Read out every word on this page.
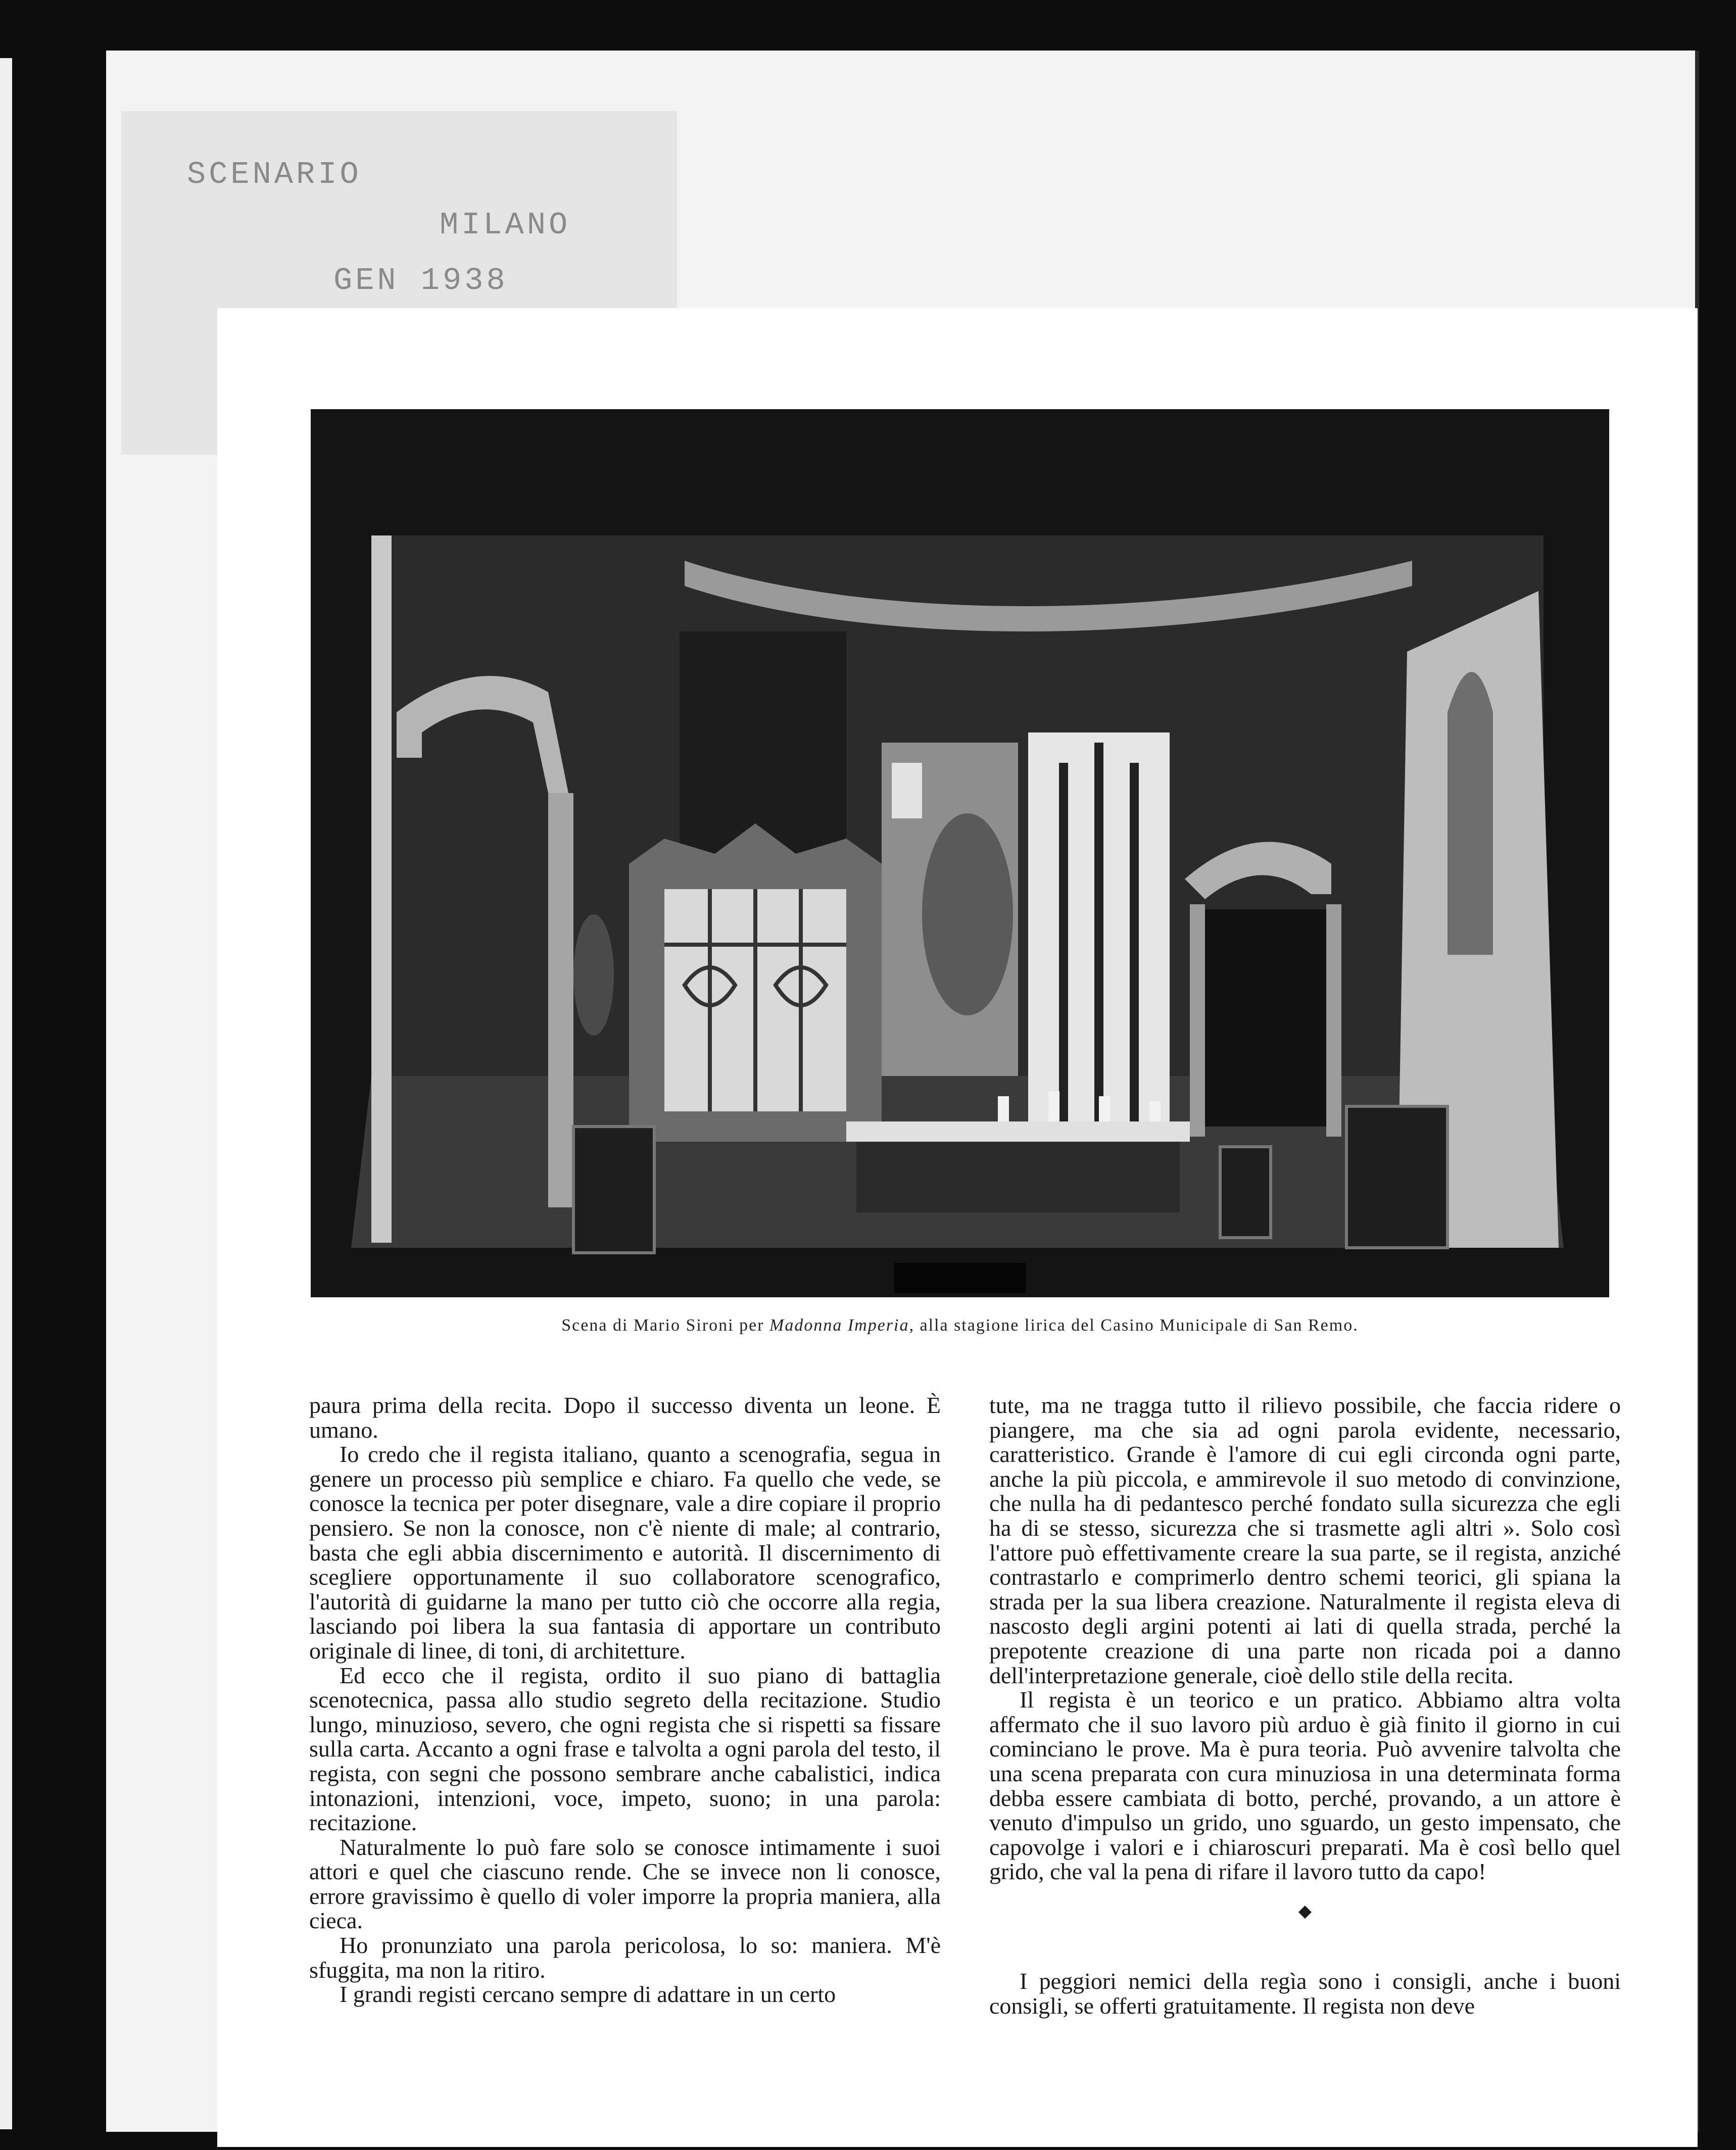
SCENARIO
MILANO
GEN 1938
Scena di Mario Sironi per Madonna Imperia, alla stagione lirica del Casino Municipale di San Remo.

paura prima della recita. Dopo il successo diventa un leone. È umano.

Io credo che il regista italiano, quanto a scenografia, segua in genere un processo più semplice e chiaro. Fa quello che vede, se conosce la tecnica per poter disegnare, vale a dire copiare il proprio pensiero. Se non la conosce, non c'è niente di male; al contrario, basta che egli abbia discernimento e autorità. Il discernimento di scegliere opportunamente il suo collaboratore scenografico, l'autorità di guidarne la mano per tutto ciò che occorre alla regia, lasciando poi libera la sua fantasia di apportare un contributo originale di linee, di toni, di architetture.

Ed ecco che il regista, ordito il suo piano di battaglia scenotecnica, passa allo studio segreto della recitazione. Studio lungo, minuzioso, severo, che ogni regista che si rispetti sa fissare sulla carta. Accanto a ogni frase e talvolta a ogni parola del testo, il regista, con segni che possono sembrare anche cabalistici, indica intonazioni, intenzioni, voce, impeto, suono; in una parola: recitazione.

Naturalmente lo può fare solo se conosce intimamente i suoi attori e quel che ciascuno rende. Che se invece non li conosce, errore gravissimo è quello di voler imporre la propria maniera, alla cieca.

Ho pronunziato una parola pericolosa, lo so: maniera. M'è sfuggita, ma non la ritiro.

I grandi registi cercano sempre di adattare in un certo

tute, ma ne tragga tutto il rilievo possibile, che faccia ridere o piangere, ma che sia ad ogni parola evidente, necessario, caratteristico. Grande è l'amore di cui egli circonda ogni parte, anche la più piccola, e ammirevole il suo metodo di convinzione, che nulla ha di pedantesco perché fondato sulla sicurezza che egli ha di se stesso, sicurezza che si trasmette agli altri ». Solo così l'attore può effettivamente creare la sua parte, se il regista, anziché contrastarlo e comprimerlo dentro schemi teorici, gli spiana la strada per la sua libera creazione. Naturalmente il regista eleva di nascosto degli argini potenti ai lati di quella strada, perché la prepotente creazione di una parte non ricada poi a danno dell'interpretazione generale, cioè dello stile della recita.

Il regista è un teorico e un pratico. Abbiamo altra volta affermato che il suo lavoro più arduo è già finito il giorno in cui cominciano le prove. Ma è pura teoria. Può avvenire talvolta che una scena preparata con cura minuziosa in una determinata forma debba essere cambiata di botto, perché, provando, a un attore è venuto d'impulso un grido, uno sguardo, un gesto impensato, che capovolge i valori e i chiaroscuri preparati. Ma è così bello quel grido, che val la pena di rifare il lavoro tutto da capo!

◆

I peggiori nemici della regìa sono i consigli, anche i buoni consigli, se offerti gratuitamente. Il regista non deve
